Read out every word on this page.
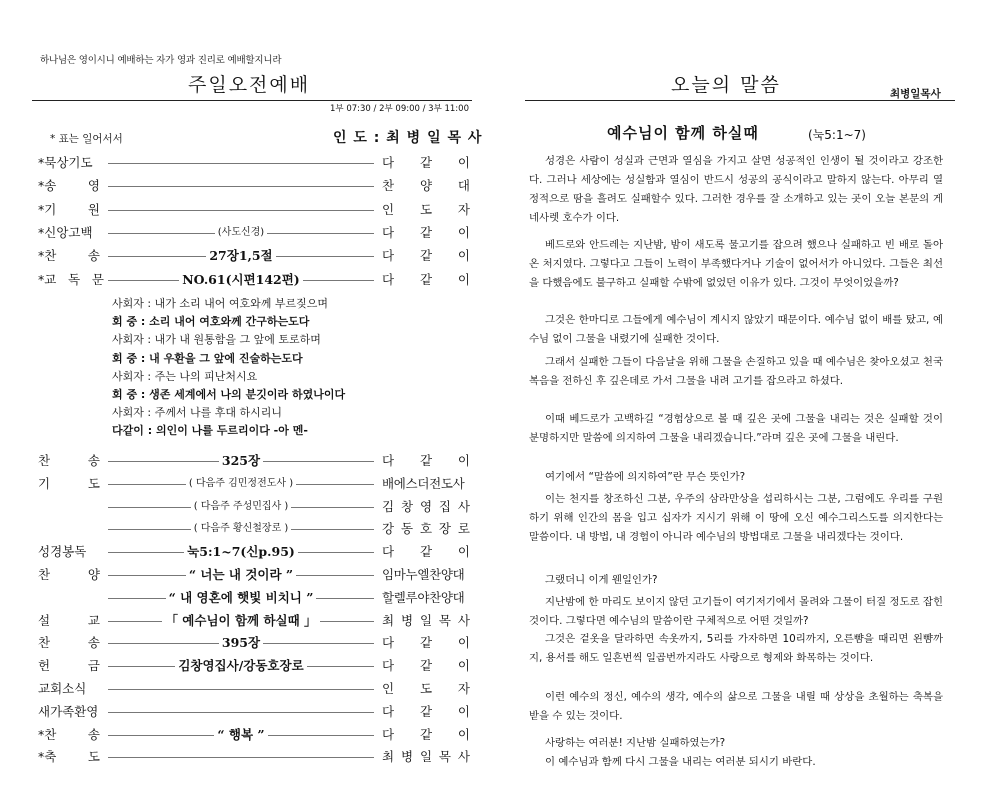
하나님은 영이시니 예배하는 자가 영과 진리로 예배할지니라
주일오전예배
1부 07:30 / 2부 09:00 / 3부 11:00
* 표는 일어서서	인 도 : 최 병 일 목 사
*묵상기도	다 같 이
*송	영	찬 양 대
*기	원	인 도 자
*신앙고백	(사도신경)	다 같 이
*찬	송	27장1,5절	다 같 이
*교 독 문	NO.61(시편142편)	다 같 이
사회자 : 내가 소리 내어 여호와께 부르짖으며
회 중 : 소리 내어 여호와께 간구하는도다
사회자 : 내가 내 원통함을 그 앞에 토로하며
회 중 : 내 우환을 그 앞에 진술하는도다
사회자 : 주는 나의 피난처시요
회 중 : 생존 세계에서 나의 분깃이라 하였나이다
사회자 : 주께서 나를 후대 하시리니
다같이 : 의인이 나를 두르리이다 -아 멘-
찬	송	325장	다 같 이
기	도	( 다음주 김민정전도사 )	배에스더전도사
( 다음주 주성민집사 )	김 창 영 집 사
( 다음주 황신철장로 )	강 동 호 장 로
성경봉독	눅5:1~7(신p.95)	다 같 이
찬	양	“ 너는 내 것이라 ”	임마누엘찬양대
“ 내 영혼에 햇빛 비치니 ”	할렐루야찬양대
설	교	「 예수님이 함께 하실때 」	최 병 일 목 사
찬	송	395장	다 같 이
헌	금	김창영집사/강동호장로	다 같 이
교회소식	인 도 자
새가족환영	다 같 이
*찬	송	“ 행복 ”	다 같 이
*축	도	최 병 일 목 사
오늘의 말씀	최병일목사
예수님이 함께 하실때	(눅5:1~7)

성경은 사람이 성실과 근면과 열심을 가지고 살면 성공적인 인생이 될 것이라고 강조한다. 그러나 세상에는 성실함과 열심이 반드시 성공의 공식이라고 말하지 않는다. 아무리 열정적으로 땀을 흘려도 실패할수 있다. 그러한 경우를 잘 소개하고 있는 곳이 오늘 본문의 게네사렛 호수가 이다.

베드로와 안드레는 지난밤, 밤이 새도록 물고기를 잡으려 했으나 실패하고 빈 배로 돌아온 처지였다. 그렇다고 그들이 노력이 부족했다거나 기술이 없어서가 아니었다. 그들은 최선을 다했음에도 불구하고 실패할 수밖에 없었던 이유가 있다. 그것이 무엇이었을까?

그것은 한마디로 그들에게 예수님이 계시지 않았기 때문이다. 예수님 없이 배를 탔고, 예수님 없이 그물을 내렸기에 실패한 것이다.

그래서 실패한 그들이 다음날을 위해 그물을 손질하고 있을 때 예수님은 찾아오셨고 천국 복음을 전하신 후 깊은데로 가서 그물을 내려 고기를 잡으라고 하셨다.

이때 베드로가 고백하길 “경험상으로 볼 때 깊은 곳에 그물을 내리는 것은 실패할 것이 분명하지만 말씀에 의지하여 그물을 내리겠습니다.”라며 깊은 곳에 그물을 내린다.

여기에서 “말씀에 의지하여”란 무슨 뜻인가?

이는 천지를 창조하신 그분, 우주의 삼라만상을 섭리하시는 그분, 그럼에도 우리를 구원하기 위해 인간의 몸을 입고 십자가 지시기 위해 이 땅에 오신 예수그리스도를 의지한다는 말씀이다. 내 방법, 내 경험이 아니라 예수님의 방법대로 그물을 내리겠다는 것이다.

그랬더니 이게 웬일인가?

지난밤에 한 마리도 보이지 않던 고기들이 여기저기에서 몰려와 그물이 터질 정도로 잡힌 것이다. 그렇다면 예수님의 말씀이란 구체적으로 어떤 것일까?

그것은 겉옷을 달라하면 속옷까지, 5리를 가자하면 10리까지, 오른뺨을 때리면 왼뺨까지, 용서를 해도 일흔번씩 일곱번까지라도 사랑으로 형제와 화목하는 것이다.

이런 예수의 정신, 예수의 생각, 예수의 삶으로 그물을 내릴 때 상상을 초월하는 축복을 받을 수 있는 것이다.

사랑하는 여러분! 지난밤 실패하였는가?

이 예수님과 함께 다시 그물을 내리는 여러분 되시기 바란다.
